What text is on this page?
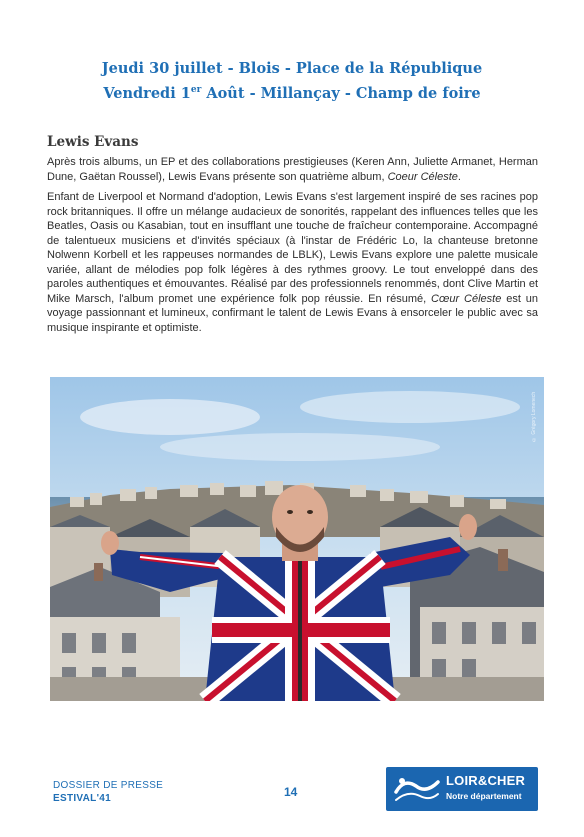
Jeudi 30 juillet - Blois - Place de la République
Vendredi 1er Août - Millançay - Champ de foire
Lewis Evans

Après trois albums, un EP et des collaborations prestigieuses (Keren Ann, Juliette Armanet, Herman Dune, Gaëtan Roussel), Lewis Evans présente son quatrième album, Coeur Céleste.

Enfant de Liverpool et Normand d'adoption, Lewis Evans s'est largement inspiré de ses racines pop rock britanniques. Il offre un mélange audacieux de sonorités, rappelant des influences telles que les Beatles, Oasis ou Kasabian, tout en insufflant une touche de fraîcheur contemporaine. Accompagné de talentueux musiciens et d'invités spéciaux (à l'instar de Frédéric Lo, la chanteuse bretonne Nolwenn Korbell et les rappeuses normandes de LBLK), Lewis Evans explore une palette musicale variée, allant de mélodies pop folk légères à des rythmes groovy. Le tout enveloppé dans des paroles authentiques et émouvantes. Réalisé par des professionnels renommés, dont Clive Martin et Mike Marsch, l'album promet une expérience folk pop réussie. En résumé, Cœur Céleste est un voyage passionnant et lumineux, confirmant le talent de Lewis Evans à ensorceler le public avec sa musique inspirante et optimiste.

© Grégory Lomenech
DOSSIER DE PRESSE
ESTIVAL'41	14
LOIR&CHER
Notre département
